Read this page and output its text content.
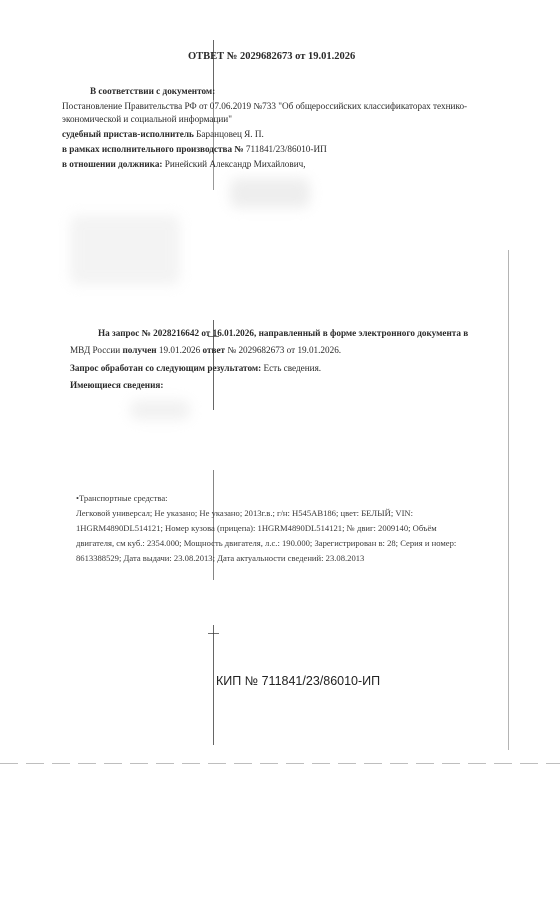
ОТВЕТ № 2029682673 от 19.01.2026
В соответствии с документом:
Постановление Правительства РФ от 07.06.2019 №733 "Об общероссийских классификаторах технико-
экономической и социальной информации"
судебный пристав-исполнитель Баранцовец Я. П.
в рамках исполнительного производства № 711841/23/86010-ИП
в отношении должника: Ринейский Александр Михайлович,
На запрос № 2028216642 от 16.01.2026, направленный в форме электронного документа в
МВД России получен 19.01.2026 ответ № 2029682673 от 19.01.2026.
Запрос обработан со следующим результатом: Есть сведения.
Имеющиеся сведения:
•Транспортные средства:
Легковой универсал; Не указано; Не указано; 2013г.в.; г/н: Н545АВ186; цвет: БЕЛЫЙ; VIN:
1HGRM4890DL514121; Номер кузова (прицепа): 1HGRM4890DL514121; № двиг: 2009140; Объём
двигателя, см куб.: 2354.000; Мощность двигателя, л.с.: 190.000; Зарегистрирован в: 28; Серия и номер:
8613388529; Дата выдачи: 23.08.2013; Дата актуальности сведений: 23.08.2013
КИП № 711841/23/86010-ИП
